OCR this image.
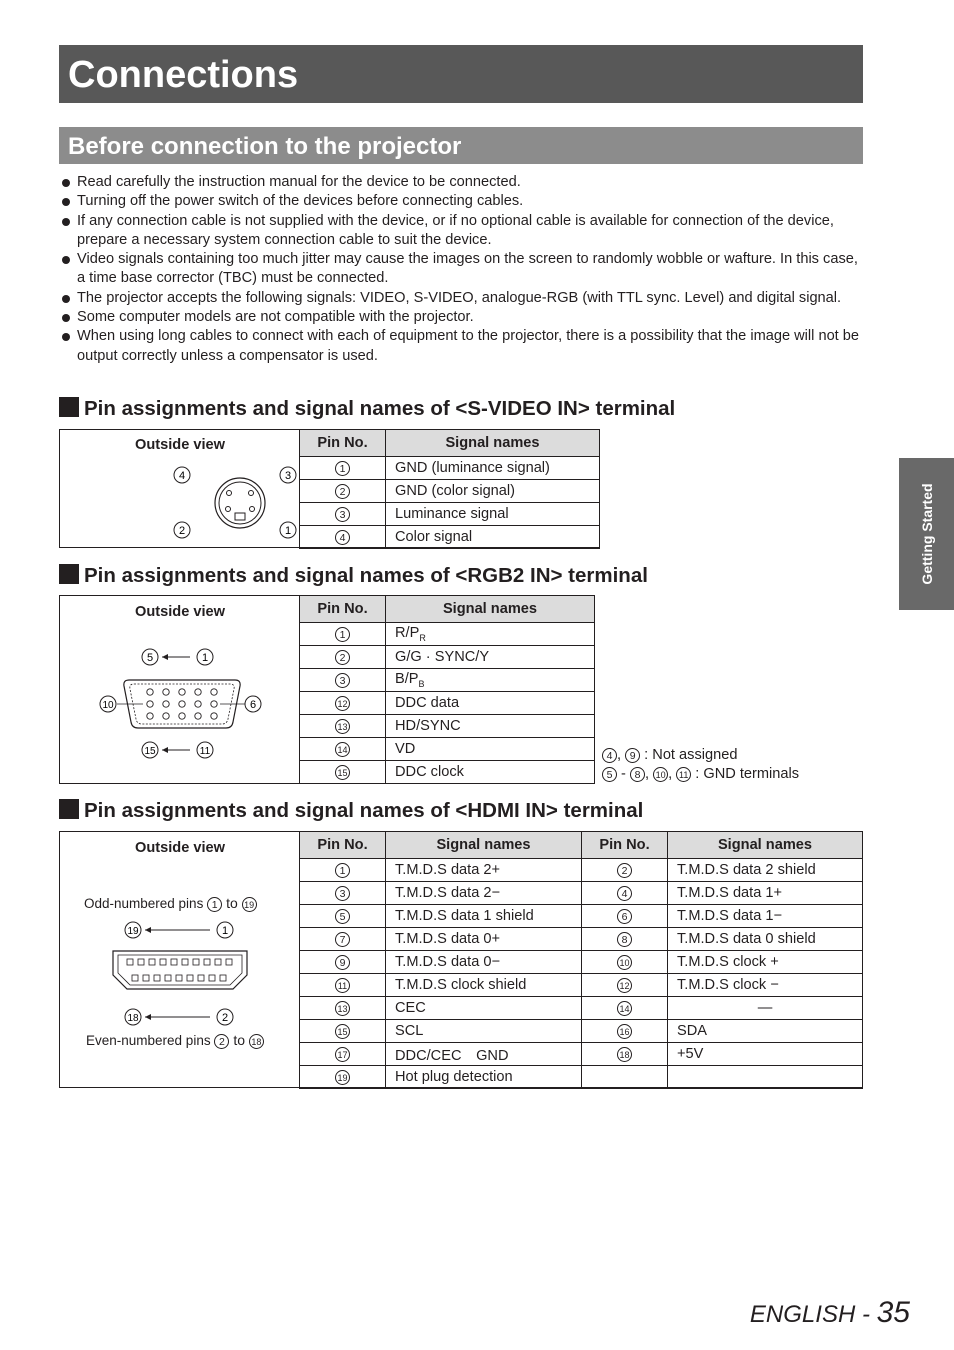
Connections
Before connection to the projector
Read carefully the instruction manual for the device to be connected.
Turning off the power switch of the devices before connecting cables.
If any connection cable is not supplied with the device, or if no optional cable is available for connection of the device, prepare a necessary system connection cable to suit the device.
Video signals containing too much jitter may cause the images on the screen to randomly wobble or wafture. In this case, a time base corrector (TBC) must be connected.
The projector accepts the following signals: VIDEO, S-VIDEO, analogue-RGB (with TTL sync. Level) and digital signal.
Some computer models are not compatible with the projector.
When using long cables to connect with each of equipment to the projector, there is a possibility that the image will not be output correctly unless a compensator is used.
Pin assignments and signal names of <S-VIDEO IN> terminal
Outside view
4	3
2	1
Pin No.	Signal names
1	GND (luminance signal)
2	GND (color signal)
3	Luminance signal
4	Color signal
Pin assignments and signal names of <RGB2 IN> terminal
Outside view
5	1
10	6
15	11
Pin No.	Signal names
1	$R/P_R$
2	G/G · SYNC/Y
3	$B/P_B$
12	DDC data
13	HD/SYNC
14	VD
15	DDC clock
4 , 9 : Not assigned
5 - 8 , 10 , 11 : GND terminals
Pin assignments and signal names of <HDMI IN> terminal
Outside view
Odd-numbered pins 1 to 19
19	1
18	2
Even-numbered pins 2 to 18
Pin No.	Signal names	Pin No.	Signal names
1	T.M.D.S data 2+	2	T.M.D.S data 2 shield
3	T.M.D.S data 2−	4	T.M.D.S data 1+
5	T.M.D.S data 1 shield	6	T.M.D.S data 1−
7	T.M.D.S data 0+	8	T.M.D.S data 0 shield
9	T.M.D.S data 0−	10	T.M.D.S clock +
11	T.M.D.S clock shield	12	T.M.D.S clock −
13	CEC	14	—
15	SCL	16	SDA
17	DDC/CEC　GND	18	+5V
19	Hot plug detection		
Getting Started
ENGLISH - 35
